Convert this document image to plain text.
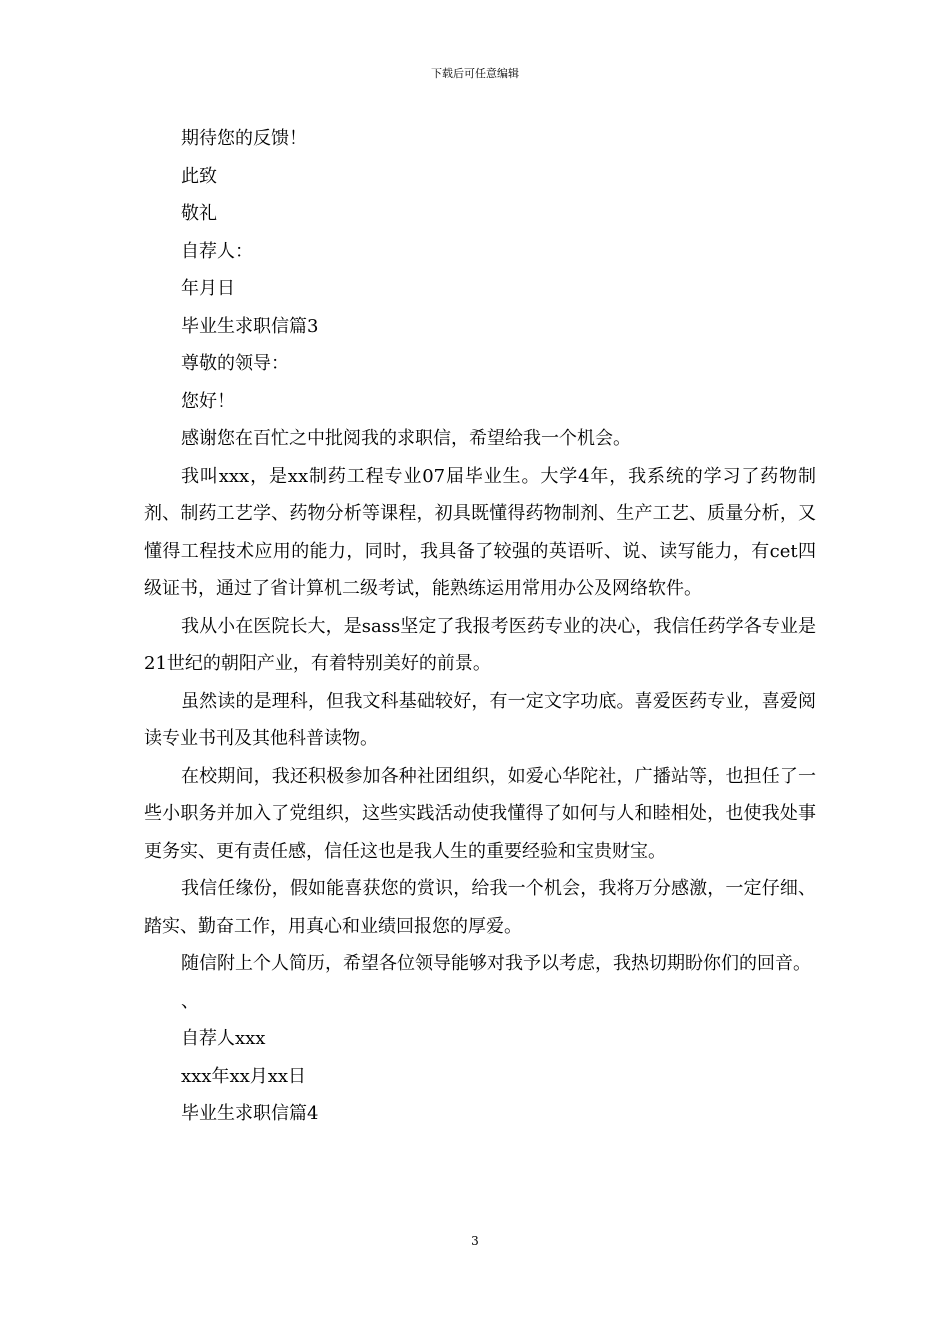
下载后可任意编辑
期待您的反馈！
此致
敬礼
自荐人：
年月日
毕业生求职信篇3
尊敬的领导：
您好！
感谢您在百忙之中批阅我的求职信，希望给我一个机会。

我叫xxx，是xx制药工程专业07届毕业生。大学4年，我系统的学习了药物制剂、制药工艺学、药物分析等课程，初具既懂得药物制剂、生产工艺、质量分析，又懂得工程技术应用的能力，同时，我具备了较强的英语听、说、读写能力，有cet四级证书，通过了省计算机二级考试，能熟练运用常用办公及网络软件。

我从小在医院长大，是sass坚定了我报考医药专业的决心，我信任药学各专业是21世纪的朝阳产业，有着特别美好的前景。

虽然读的是理科，但我文科基础较好，有一定文字功底。喜爱医药专业，喜爱阅读专业书刊及其他科普读物。

在校期间，我还积极参加各种社团组织，如爱心华陀社，广播站等，也担任了一些小职务并加入了党组织，这些实践活动使我懂得了如何与人和睦相处，也使我处事更务实、更有责任感，信任这也是我人生的重要经验和宝贵财宝。

我信任缘份，假如能喜获您的赏识，给我一个机会，我将万分感激，一定仔细、踏实、勤奋工作，用真心和业绩回报您的厚爱。

随信附上个人简历，希望各位领导能够对我予以考虑，我热切期盼你们的回音。

、
自荐人xxx
xxx年xx月xx日
毕业生求职信篇4
3
